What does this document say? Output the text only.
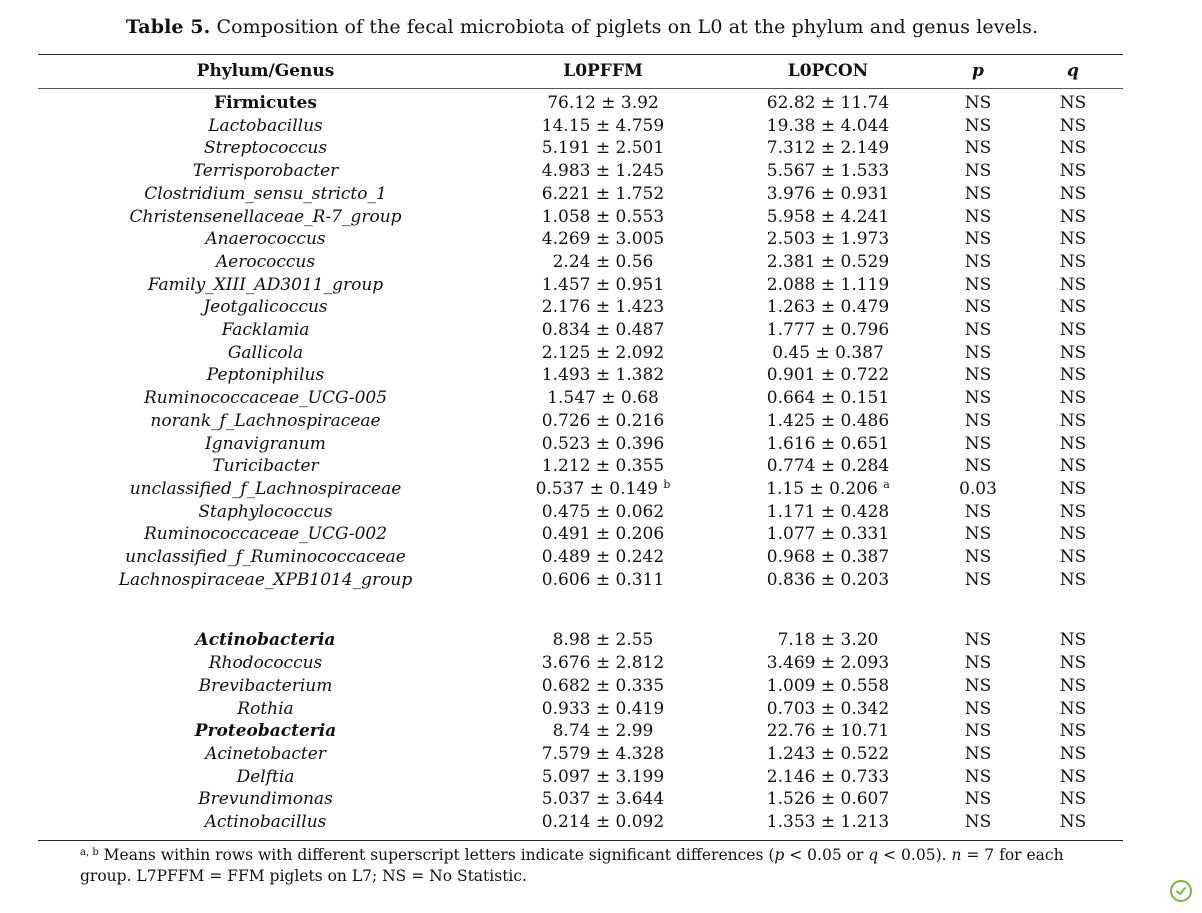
Table 5. Composition of the fecal microbiota of piglets on L0 at the phylum and genus levels.
Phylum/Genus	L0PFFM	L0PCON	p	q
Firmicutes	76.12 ± 3.92	62.82 ± 11.74	NS	NS
Lactobacillus	14.15 ± 4.759	19.38 ± 4.044	NS	NS
Streptococcus	5.191 ± 2.501	7.312 ± 2.149	NS	NS
Terrisporobacter	4.983 ± 1.245	5.567 ± 1.533	NS	NS
Clostridium_sensu_stricto_1	6.221 ± 1.752	3.976 ± 0.931	NS	NS
Christensenellaceae_R-7_group	1.058 ± 0.553	5.958 ± 4.241	NS	NS
Anaerococcus	4.269 ± 3.005	2.503 ± 1.973	NS	NS
Aerococcus	2.24 ± 0.56	2.381 ± 0.529	NS	NS
Family_XIII_AD3011_group	1.457 ± 0.951	2.088 ± 1.119	NS	NS
Jeotgalicoccus	2.176 ± 1.423	1.263 ± 0.479	NS	NS
Facklamia	0.834 ± 0.487	1.777 ± 0.796	NS	NS
Gallicola	2.125 ± 2.092	0.45 ± 0.387	NS	NS
Peptoniphilus	1.493 ± 1.382	0.901 ± 0.722	NS	NS
Ruminococcaceae_UCG-005	1.547 ± 0.68	0.664 ± 0.151	NS	NS
norank_f_Lachnospiraceae	0.726 ± 0.216	1.425 ± 0.486	NS	NS
Ignavigranum	0.523 ± 0.396	1.616 ± 0.651	NS	NS
Turicibacter	1.212 ± 0.355	0.774 ± 0.284	NS	NS
unclassified_f_Lachnospiraceae	0.537 ± 0.149 $^b$	1.15 ± 0.206 $^a$	0.03	NS
Staphylococcus	0.475 ± 0.062	1.171 ± 0.428	NS	NS
Ruminococcaceae_UCG-002	0.491 ± 0.206	1.077 ± 0.331	NS	NS
unclassified_f_Ruminococcaceae	0.489 ± 0.242	0.968 ± 0.387	NS	NS
Lachnospiraceae_XPB1014_group	0.606 ± 0.311	0.836 ± 0.203	NS	NS
Actinobacteria	8.98 ± 2.55	7.18 ± 3.20	NS	NS
Rhodococcus	3.676 ± 2.812	3.469 ± 2.093	NS	NS
Brevibacterium	0.682 ± 0.335	1.009 ± 0.558	NS	NS
Rothia	0.933 ± 0.419	0.703 ± 0.342	NS	NS
Proteobacteria	8.74 ± 2.99	22.76 ± 10.71	NS	NS
Acinetobacter	7.579 ± 4.328	1.243 ± 0.522	NS	NS
Delftia	5.097 ± 3.199	2.146 ± 0.733	NS	NS
Brevundimonas	5.037 ± 3.644	1.526 ± 0.607	NS	NS
Actinobacillus	0.214 ± 0.092	1.353 ± 1.213	NS	NS
$^{a, b}$ Means within rows with different superscript letters indicate significant differences (p < 0.05 or q < 0.05). n = 7 for each group. L7PFFM = FFM piglets on L7; NS = No Statistic.
